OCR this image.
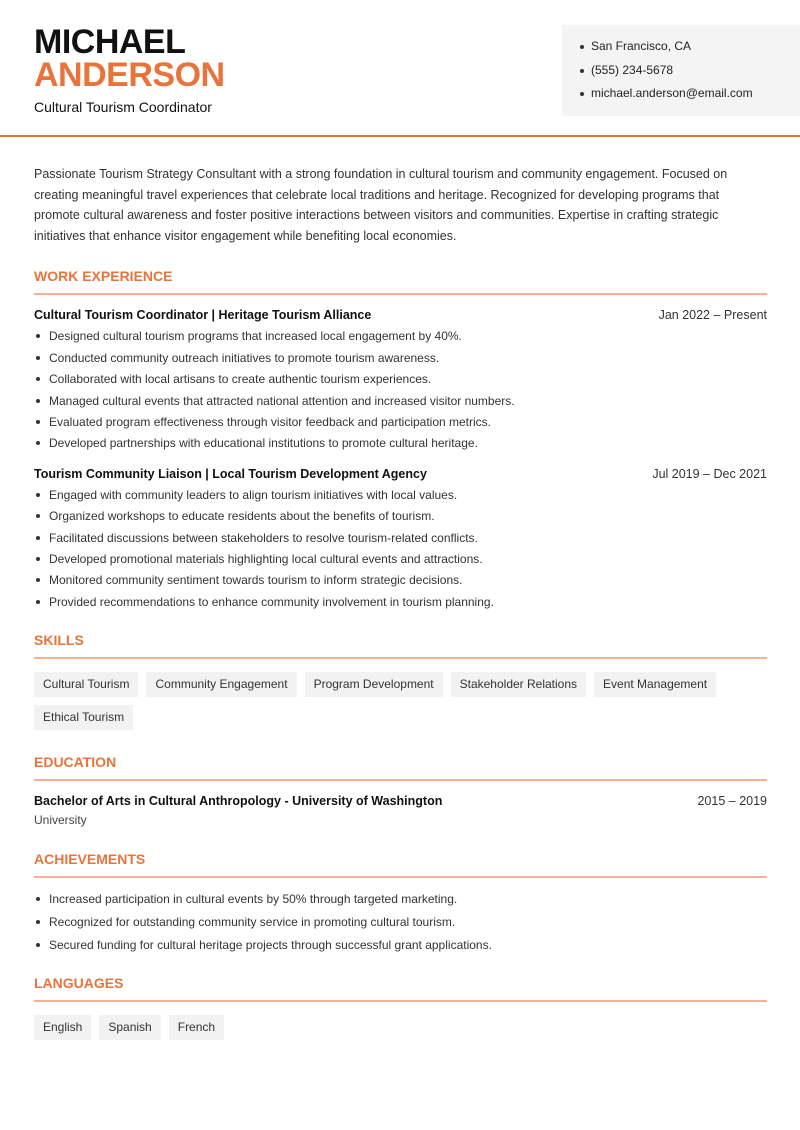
MICHAEL
ANDERSON
Cultural Tourism Coordinator
San Francisco, CA
(555) 234-5678
michael.anderson@email.com

Passionate Tourism Strategy Consultant with a strong foundation in cultural tourism and community engagement. Focused on creating meaningful travel experiences that celebrate local traditions and heritage. Recognized for developing programs that promote cultural awareness and foster positive interactions between visitors and communities. Expertise in crafting strategic initiatives that enhance visitor engagement while benefiting local economies.

WORK EXPERIENCE
Cultural Tourism Coordinator | Heritage Tourism Alliance	Jan 2022 – Present
Designed cultural tourism programs that increased local engagement by 40%.
Conducted community outreach initiatives to promote tourism awareness.
Collaborated with local artisans to create authentic tourism experiences.
Managed cultural events that attracted national attention and increased visitor numbers.
Evaluated program effectiveness through visitor feedback and participation metrics.
Developed partnerships with educational institutions to promote cultural heritage.
Tourism Community Liaison | Local Tourism Development Agency	Jul 2019 – Dec 2021
Engaged with community leaders to align tourism initiatives with local values.
Organized workshops to educate residents about the benefits of tourism.
Facilitated discussions between stakeholders to resolve tourism-related conflicts.
Developed promotional materials highlighting local cultural events and attractions.
Monitored community sentiment towards tourism to inform strategic decisions.
Provided recommendations to enhance community involvement in tourism planning.
SKILLS
Cultural Tourism	Community Engagement	Program Development	Stakeholder Relations	Event Management
Ethical Tourism
EDUCATION
Bachelor of Arts in Cultural Anthropology - University of Washington	2015 – 2019
University
ACHIEVEMENTS
Increased participation in cultural events by 50% through targeted marketing.
Recognized for outstanding community service in promoting cultural tourism.
Secured funding for cultural heritage projects through successful grant applications.
LANGUAGES
English	Spanish	French
